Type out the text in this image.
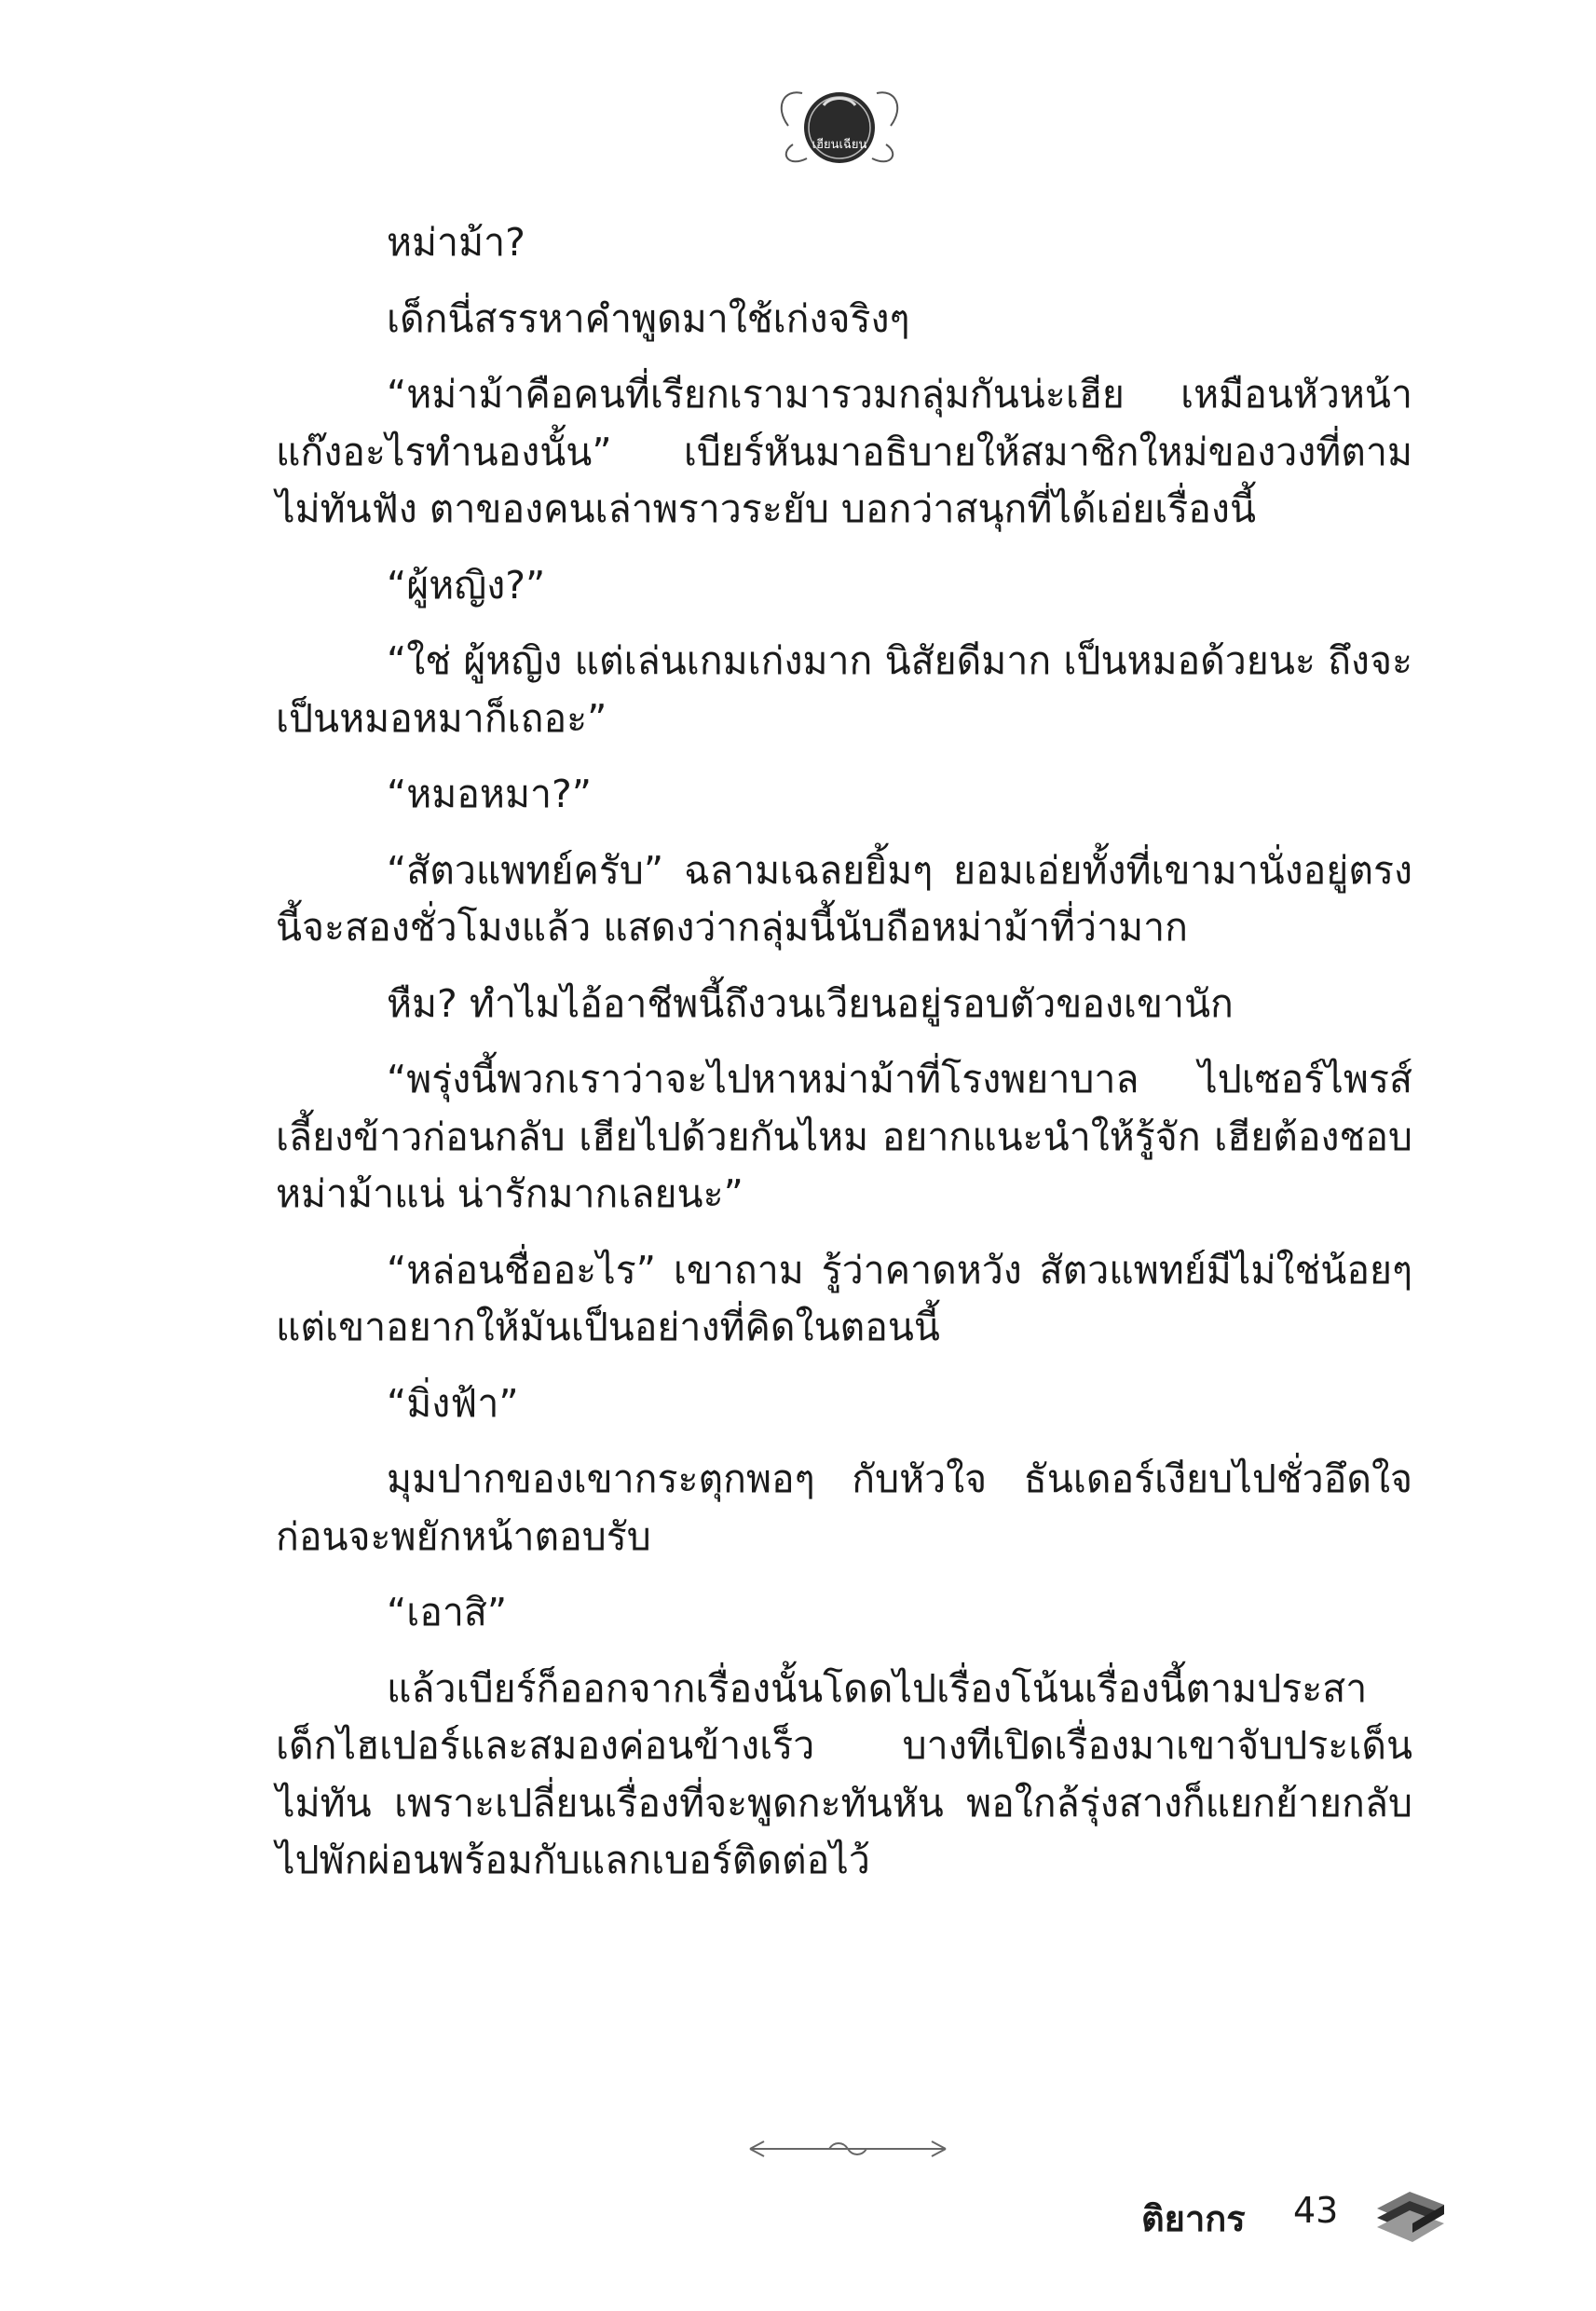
เฮียนเฉียน

หม่าม้า?

เด็กนี่สรรหาคำพูดมาใช้เก่งจริงๆ

“หม่าม้าคือคนที่เรียกเรามารวมกลุ่มกันน่ะเฮีย เหมือนหัวหน้าแก๊งอะไรทำนองนั้น” เบียร์หันมาอธิบายให้สมาชิกใหม่ของวงที่ตามไม่ทันฟัง ตาของคนเล่าพราวระยับ บอกว่าสนุกที่ได้เอ่ยเรื่องนี้

“ผู้หญิง?”

“ใช่ ผู้หญิง แต่เล่นเกมเก่งมาก นิสัยดีมาก เป็นหมอด้วยนะ ถึงจะเป็นหมอหมาก็เถอะ”

“หมอหมา?”

“สัตวแพทย์ครับ” ฉลามเฉลยยิ้มๆ ยอมเอ่ยทั้งที่เขามานั่งอยู่ตรงนี้จะสองชั่วโมงแล้ว แสดงว่ากลุ่มนี้นับถือหม่าม้าที่ว่ามาก

หืม? ทำไมไอ้อาชีพนี้ถึงวนเวียนอยู่รอบตัวของเขานัก

“พรุ่งนี้พวกเราว่าจะไปหาหม่าม้าที่โรงพยาบาล ไปเซอร์ไพรส์เลี้ยงข้าวก่อนกลับ เฮียไปด้วยกันไหม อยากแนะนำให้รู้จัก เฮียต้องชอบหม่าม้าแน่ น่ารักมากเลยนะ”

“หล่อนชื่ออะไร” เขาถาม รู้ว่าคาดหวัง สัตวแพทย์มีไม่ใช่น้อยๆ แต่เขาอยากให้มันเป็นอย่างที่คิดในตอนนี้

“มิ่งฟ้า”

มุมปากของเขากระตุกพอๆ กับหัวใจ ธันเดอร์เงียบไปชั่วอึดใจ ก่อนจะพยักหน้าตอบรับ

“เอาสิ”

แล้วเบียร์ก็ออกจากเรื่องนั้นโดดไปเรื่องโน้นเรื่องนี้ตามประสาเด็กไฮเปอร์และสมองค่อนข้างเร็ว บางทีเปิดเรื่องมาเขาจับประเด็นไม่ทัน เพราะเปลี่ยนเรื่องที่จะพูดกะทันหัน พอใกล้รุ่งสางก็แยกย้ายกลับไปพักผ่อนพร้อมกับแลกเบอร์ติดต่อไว้

ติยากร 43
